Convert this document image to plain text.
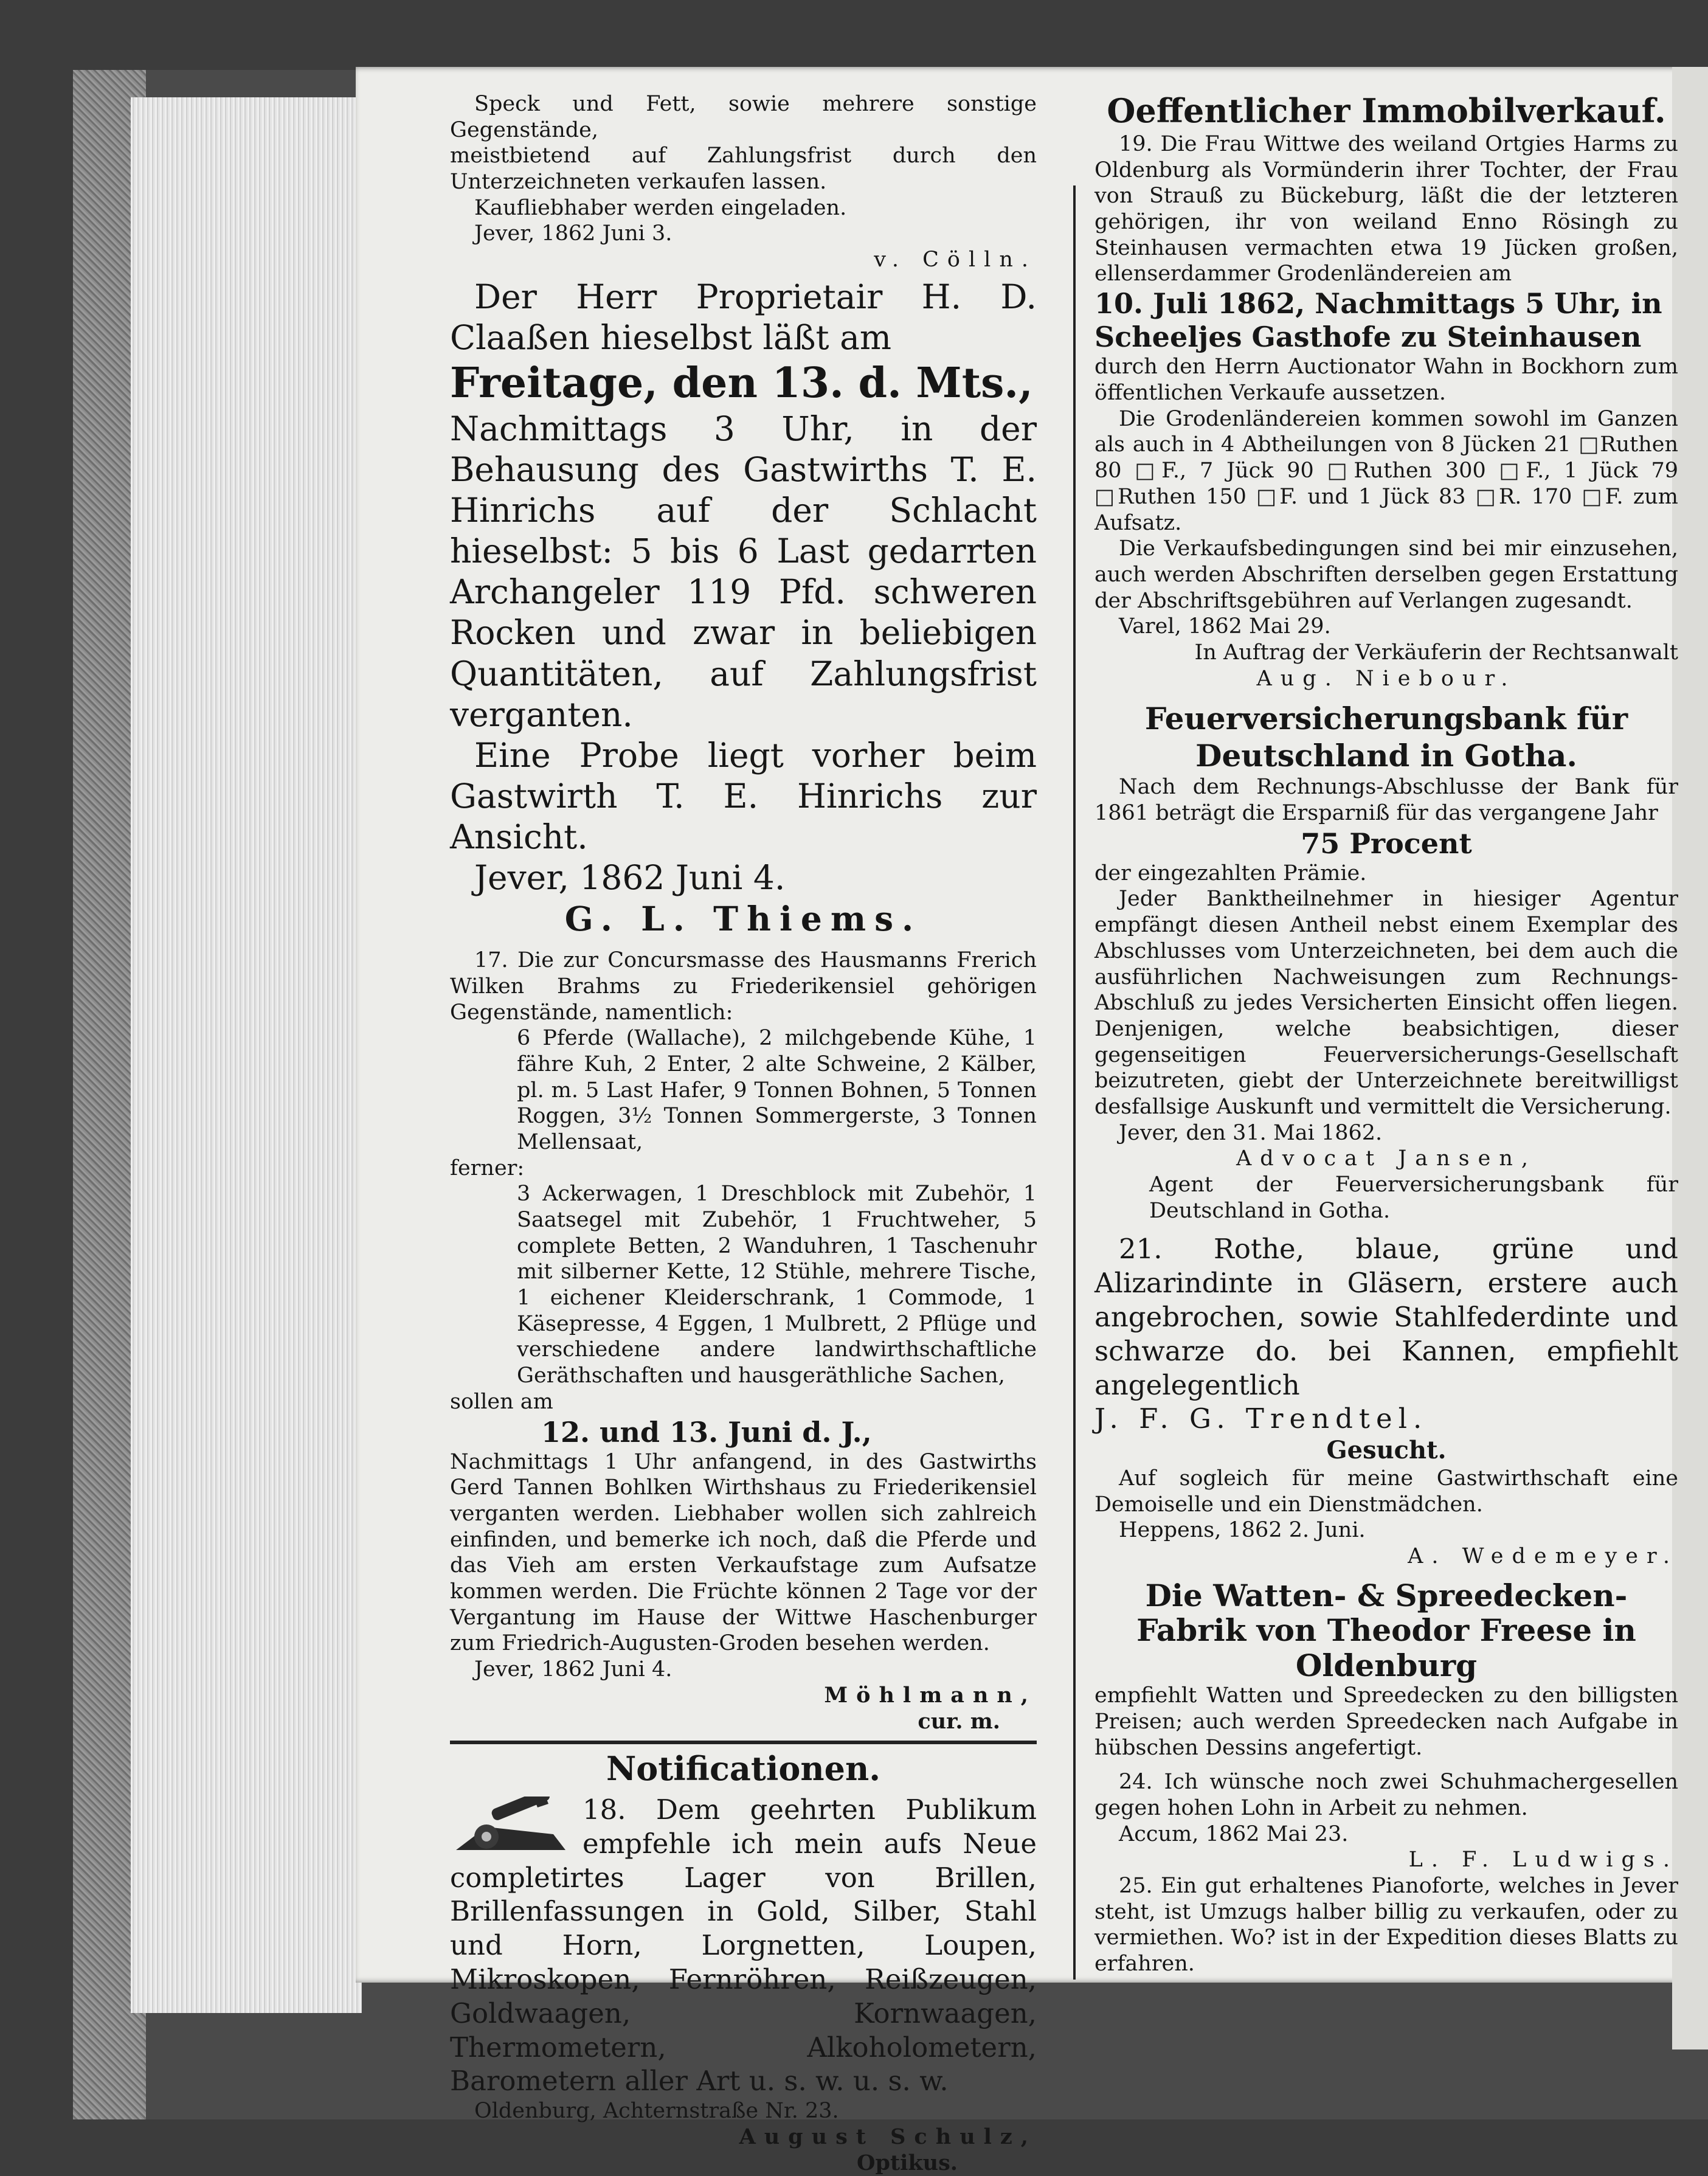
Speck und Fett, sowie mehrere sonstige Gegenstände,

meistbietend auf Zahlungsfrist durch den Unterzeichneten verkaufen lassen.

Kaufliebhaber werden eingeladen.

Jever, 1862 Juni 3.

v. Cölln.

Der Herr Proprietair H. D. Claaßen hieselbst läßt am

Freitage, den 13. d. Mts.,

Nachmittags 3 Uhr, in der Behausung des Gastwirths T. E. Hinrichs auf der Schlacht hieselbst: 5 bis 6 Last gedarrten Archangeler 119 Pfd. schweren Rocken und zwar in beliebigen Quantitäten, auf Zahlungsfrist verganten.

Eine Probe liegt vorher beim Gastwirth T. E. Hinrichs zur Ansicht.

Jever, 1862 Juni 4.

G. L. Thiems.

17. Die zur Concursmasse des Hausmanns Frerich Wilken Brahms zu Friederikensiel gehörigen Gegenstände, namentlich:

6 Pferde (Wallache), 2 milchgebende Kühe, 1 fähre Kuh, 2 Enter, 2 alte Schweine, 2 Kälber, pl. m. 5 Last Hafer, 9 Tonnen Bohnen, 5 Tonnen Roggen, 3½ Tonnen Sommergerste, 3 Tonnen Mellensaat,

ferner:

3 Ackerwagen, 1 Dreschblock mit Zubehör, 1 Saatsegel mit Zubehör, 1 Fruchtweher, 5 complete Betten, 2 Wanduhren, 1 Taschenuhr mit silberner Kette, 12 Stühle, mehrere Tische, 1 eichener Kleiderschrank, 1 Commode, 1 Käsepresse, 4 Eggen, 1 Mulbrett, 2 Pflüge und verschiedene andere landwirthschaftliche Geräthschaften und hausgeräthliche Sachen,

sollen am

12. und 13. Juni d. J.,

Nachmittags 1 Uhr anfangend, in des Gastwirths Gerd Tannen Bohlken Wirthshaus zu Friederikensiel verganten werden. Liebhaber wollen sich zahlreich einfinden, und bemerke ich noch, daß die Pferde und das Vieh am ersten Verkaufstage zum Aufsatze kommen werden. Die Früchte können 2 Tage vor der Vergantung im Hause der Wittwe Haschenburger zum Friedrich-Augusten-Groden besehen werden.

Jever, 1862 Juni 4.

Möhlmann,

cur. m.

Notificationen.

18. Dem geehrten Publikum empfehle ich mein aufs Neue completirtes Lager von Brillen, Brillenfassungen in Gold, Silber, Stahl und Horn, Lorgnetten, Loupen, Mikroskopen, Fernröhren, Reißzeugen, Goldwaagen, Kornwaagen, Thermometern, Alkoholometern, Barometern aller Art u. s. w. u. s. w.

Oldenburg, Achternstraße Nr. 23.

August Schulz,

Optikus.

Oeffentlicher Immobilverkauf.

19. Die Frau Wittwe des weiland Ortgies Harms zu Oldenburg als Vormünderin ihrer Tochter, der Frau von Strauß zu Bückeburg, läßt die der letzteren gehörigen, ihr von weiland Enno Rösingh zu Steinhausen vermachten etwa 19 Jücken großen, ellenserdammer Grodenländereien am

10. Juli 1862, Nachmittags 5 Uhr, in Scheeljes Gasthofe zu Steinhausen

durch den Herrn Auctionator Wahn in Bockhorn zum öffentlichen Verkaufe aussetzen.

Die Grodenländereien kommen sowohl im Ganzen als auch in 4 Abtheilungen von 8 Jücken 21 □Ruthen 80 □F., 7 Jück 90 □Ruthen 300 □F., 1 Jück 79 □Ruthen 150 □F. und 1 Jück 83 □R. 170 □F. zum Aufsatz.

Die Verkaufsbedingungen sind bei mir einzusehen, auch werden Abschriften derselben gegen Erstattung der Abschriftsgebühren auf Verlangen zugesandt.

Varel, 1862 Mai 29.

In Auftrag der Verkäuferin der Rechtsanwalt

Aug. Niebour.

Feuerversicherungsbank für Deutschland in Gotha.

Nach dem Rechnungs-Abschlusse der Bank für 1861 beträgt die Ersparniß für das vergangene Jahr

75 Procent

der eingezahlten Prämie.

Jeder Banktheilnehmer in hiesiger Agentur empfängt diesen Antheil nebst einem Exemplar des Abschlusses vom Unterzeichneten, bei dem auch die ausführlichen Nachweisungen zum Rechnungs-Abschluß zu jedes Versicherten Einsicht offen liegen. Denjenigen, welche beabsichtigen, dieser gegenseitigen Feuerversicherungs-Gesellschaft beizutreten, giebt der Unterzeichnete bereitwilligst desfallsige Auskunft und vermittelt die Versicherung.

Jever, den 31. Mai 1862.

Advocat Jansen,

Agent der Feuerversicherungsbank für Deutschland in Gotha.

21. Rothe, blaue, grüne und Alizarindinte in Gläsern, erstere auch angebrochen, sowie Stahlfederdinte und schwarze do. bei Kannen, empfiehlt angelegentlich

J. F. G. Trendtel.

Gesucht.

Auf sogleich für meine Gastwirthschaft eine Demoiselle und ein Dienstmädchen.

Heppens, 1862 2. Juni.

A. Wedemeyer.

Die Watten- & Spreedecken-Fabrik von Theodor Freese in Oldenburg

empfiehlt Watten und Spreedecken zu den billigsten Preisen; auch werden Spreedecken nach Aufgabe in hübschen Dessins angefertigt.

24. Ich wünsche noch zwei Schuhmachergesellen gegen hohen Lohn in Arbeit zu nehmen.

Accum, 1862 Mai 23.

L. F. Ludwigs.

25. Ein gut erhaltenes Pianoforte, welches in Jever steht, ist Umzugs halber billig zu verkaufen, oder zu vermiethen. Wo? ist in der Expedition dieses Blatts zu erfahren.
